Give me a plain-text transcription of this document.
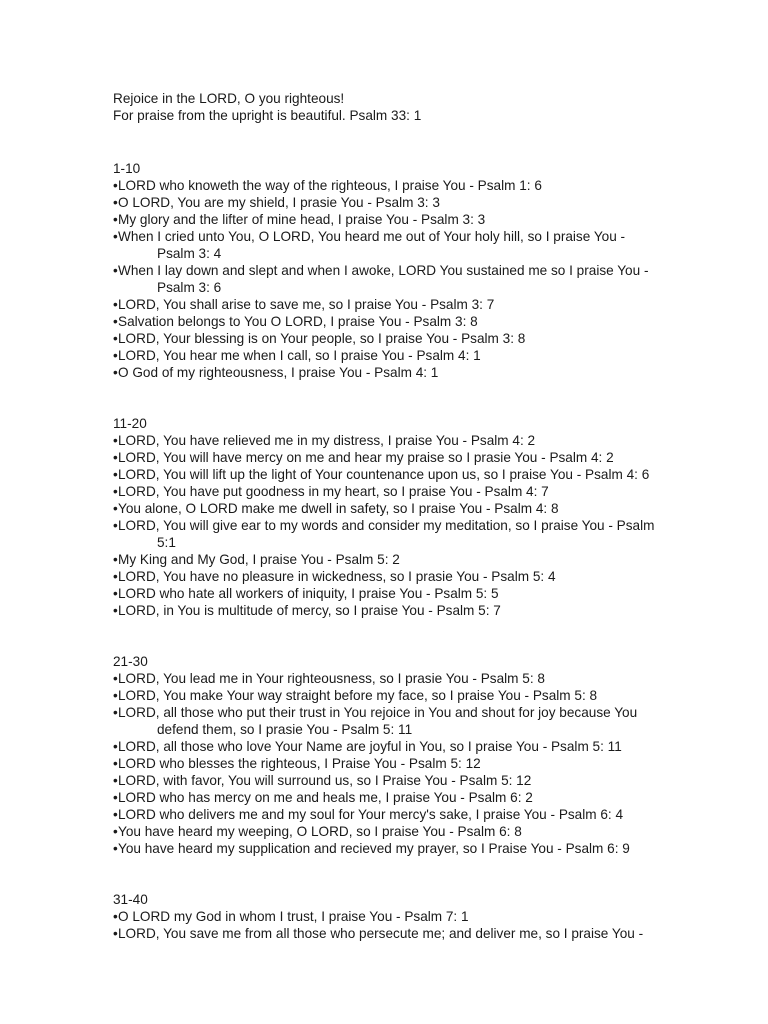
Rejoice in the LORD, O you righteous!
For praise from the upright is beautiful. Psalm 33: 1
1-10
•LORD who knoweth the way of the righteous, I praise You - Psalm 1: 6
•O LORD, You are my shield, I prasie You - Psalm 3: 3
•My glory and the lifter of mine head, I praise You - Psalm 3: 3
•When I cried unto You, O LORD, You heard me out of Your holy hill, so I praise You - Psalm 3: 4
•When I lay down and slept and when I awoke, LORD You sustained me so I praise You - Psalm 3: 6
•LORD, You shall arise to save me, so I praise You - Psalm 3: 7
•Salvation belongs to You O LORD, I praise You - Psalm 3: 8
•LORD, Your blessing is on Your people, so I praise You - Psalm 3: 8
•LORD, You hear me when I call, so I praise You - Psalm 4: 1
•O God of my righteousness, I praise You - Psalm 4: 1
11-20
•LORD, You have relieved me in my distress, I praise You - Psalm 4: 2
•LORD, You will have mercy on me and hear my praise so I prasie You - Psalm 4: 2
•LORD, You will lift up the light of Your countenance upon us, so I praise You - Psalm 4: 6
•LORD, You have put goodness in my heart, so I praise You - Psalm 4: 7
•You alone, O LORD make me dwell in safety, so I praise You - Psalm 4: 8
•LORD, You will give ear to my words and consider my meditation, so I praise You - Psalm 5:1
•My King and My God, I praise You - Psalm 5: 2
•LORD, You have no pleasure in wickedness, so I prasie You - Psalm 5: 4
•LORD who hate all workers of iniquity, I praise You - Psalm 5: 5
•LORD, in You is multitude of mercy, so I praise You - Psalm 5: 7
21-30
•LORD, You lead me in Your righteousness, so I prasie You - Psalm 5: 8
•LORD, You make Your way straight before my face, so I praise You - Psalm 5: 8
•LORD, all those who put their trust in You rejoice in You and shout for joy because You defend them, so I prasie You - Psalm 5: 11
•LORD, all those who love Your Name are joyful in You, so I praise You - Psalm 5: 11
•LORD who blesses the righteous, I Praise You - Psalm 5: 12
•LORD, with favor, You will surround us, so I Praise You - Psalm 5: 12
•LORD who has mercy on me and heals me, I praise You - Psalm 6: 2
•LORD who delivers me and my soul for Your mercy's sake, I praise You - Psalm 6: 4
•You have heard my weeping, O LORD, so I praise You - Psalm 6: 8
•You have heard my supplication and recieved my prayer, so I Praise You - Psalm 6: 9
31-40
•O LORD my God in whom I trust, I praise You - Psalm 7: 1
•LORD, You save me from all those who persecute me; and deliver me, so I praise You -
